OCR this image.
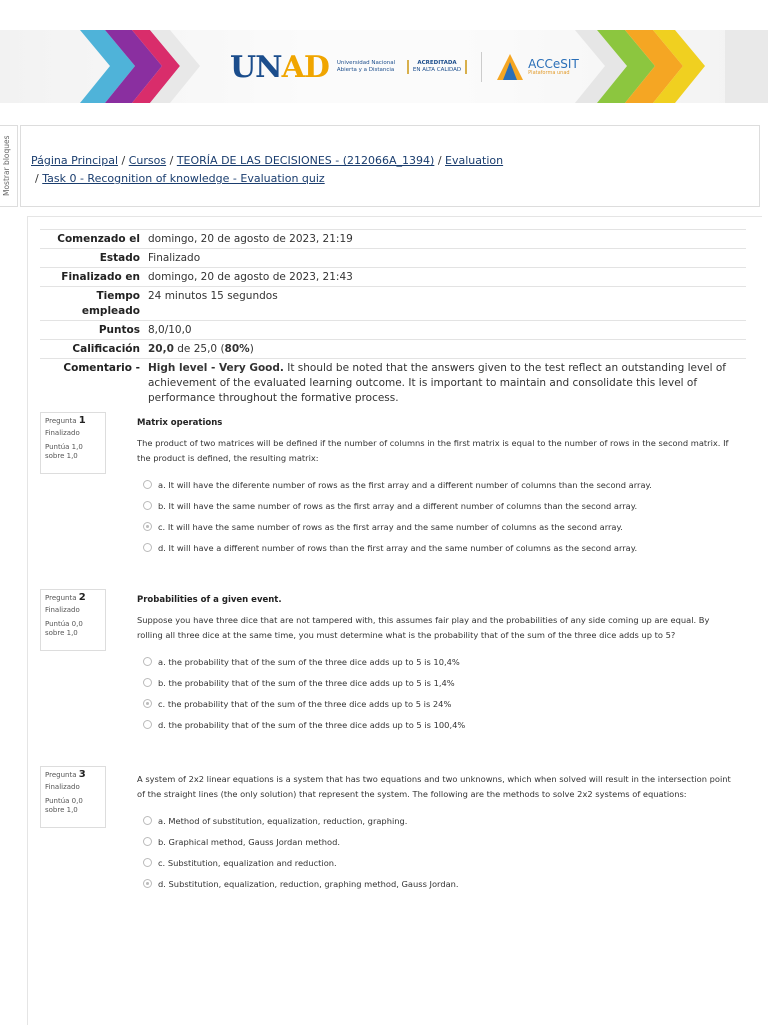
UNAD Universidad Nacional
Abierta y a Distancia
ACREDITADA
EN ALTA CALIDAD	ACCeSIT
Plataforma unad
Mostrar bloques Página Principal / Cursos / TEORÍA DE LAS DECISIONES - (212066A_1394) / Evaluation
/ Task 0 - Recognition of knowledge - Evaluation quiz
Comenzado el	domingo, 20 de agosto de 2023, 21:19
Estado	Finalizado
Finalizado en	domingo, 20 de agosto de 2023, 21:43
Tiempo empleado	24 minutos 15 segundos
Puntos	8,0/10,0
Calificación	20,0 de 25,0 (80%)
Comentario -	High level - Very Good. It should be noted that the answers given to the test reflect an outstanding level of achievement of the evaluated learning outcome. It is important to maintain and consolidate this level of performance throughout the formative process.
Pregunta 1
Finalizado
Puntúa 1,0 sobre 1,0
Matrix operations
The product of two matrices will be defined if the number of columns in the first matrix is equal to the number of rows in the second matrix. If the product is defined, the resulting matrix:
a. It will have the diferente number of rows as the first array and a different number of columns than the second array.
b. It will have the same number of rows as the first array and a different number of columns than the second array.
c. It will have the same number of rows as the first array and the same number of columns as the second array.
d. It will have a different number of rows than the first array and the same number of columns as the second array.
Pregunta 2
Finalizado
Puntúa 0,0 sobre 1,0
Probabilities of a given event.
Suppose you have three dice that are not tampered with, this assumes fair play and the probabilities of any side coming up are equal. By rolling all three dice at the same time, you must determine what is the probability that of the sum of the three dice adds up to 5?
a. the probability that of the sum of the three dice adds up to 5 is 10,4%
b. the probability that of the sum of the three dice adds up to 5 is 1,4%
c. the probability that of the sum of the three dice adds up to 5 is 24%
d. the probability that of the sum of the three dice adds up to 5 is 100,4%
Pregunta 3
Finalizado
Puntúa 0,0 sobre 1,0
A system of 2x2 linear equations is a system that has two equations and two unknowns, which when solved will result in the intersection point of the straight lines (the only solution) that represent the system. The following are the methods to solve 2x2 systems of equations:
a. Method of substitution, equalization, reduction, graphing.
b. Graphical method, Gauss Jordan method.
c. Substitution, equalization and reduction.
d. Substitution, equalization, reduction, graphing method, Gauss Jordan.
